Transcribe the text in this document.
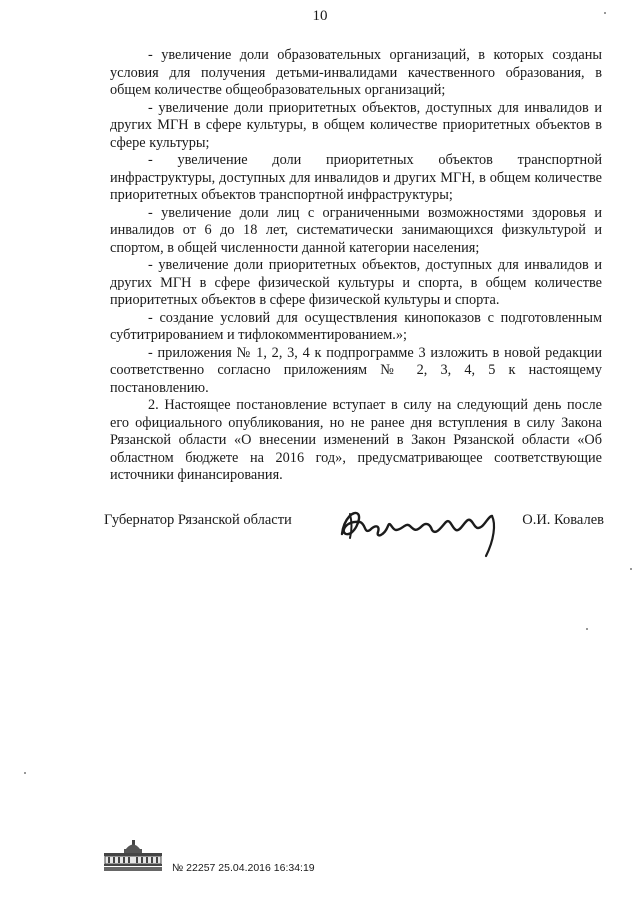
10

- увеличение доли образовательных организаций, в которых созданы условия для получения детьми-инвалидами качественного образования, в общем количестве общеобразовательных организаций;

- увеличение доли приоритетных объектов, доступных для инвалидов и других МГН в сфере культуры, в общем количестве приоритетных объектов в сфере культуры;

- увеличение доли приоритетных объектов транспортной инфраструктуры, доступных для инвалидов и других МГН, в общем количестве приоритетных объектов транспортной инфраструктуры;

- увеличение доли лиц с ограниченными возможностями здоровья и инвалидов от 6 до 18 лет, систематически занимающихся физкультурой и спортом, в общей численности данной категории населения;

- увеличение доли приоритетных объектов, доступных для инвалидов и других МГН в сфере физической культуры и спорта, в общем количестве приоритетных объектов в сфере физической культуры и спорта.

- создание условий для осуществления кинопоказов с подготовленным субтитрированием и тифлокомментированием.»;

- приложения № 1, 2, 3, 4 к подпрограмме 3 изложить в новой редакции соответственно согласно приложениям № 2, 3, 4, 5 к настоящему постановлению.

2. Настоящее постановление вступает в силу на следующий день после его официального опубликования, но не ранее дня вступления в силу Закона Рязанской области «О внесении изменений в Закон Рязанской области «Об областном бюджете на 2016 год», предусматривающее соответствующие источники финансирования.

Губернатор Рязанской области	О.И. Ковалев
№ 22257 25.04.2016 16:34:19
